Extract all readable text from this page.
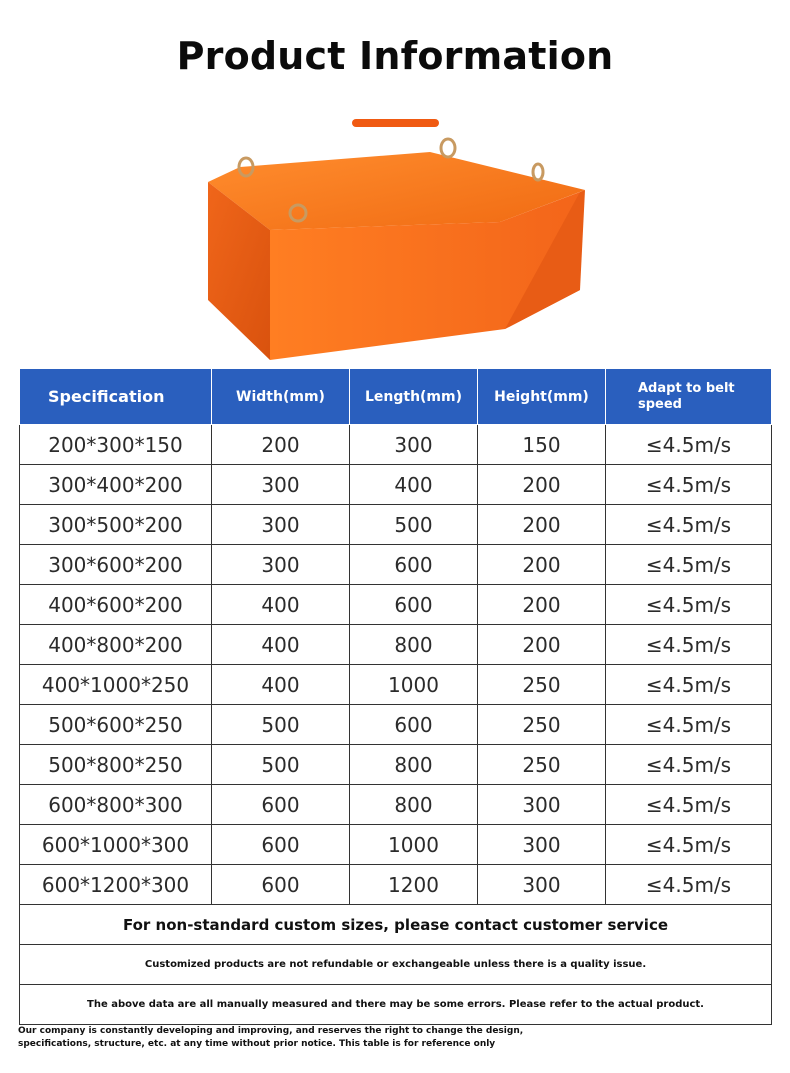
Product Information
Specification	Width(mm)	Length(mm)	Height(mm)	Adapt to belt speed
200*300*150	200	300	150	≤4.5m/s
300*400*200	300	400	200	≤4.5m/s
300*500*200	300	500	200	≤4.5m/s
300*600*200	300	600	200	≤4.5m/s
400*600*200	400	600	200	≤4.5m/s
400*800*200	400	800	200	≤4.5m/s
400*1000*250	400	1000	250	≤4.5m/s
500*600*250	500	600	250	≤4.5m/s
500*800*250	500	800	250	≤4.5m/s
600*800*300	600	800	300	≤4.5m/s
600*1000*300	600	1000	300	≤4.5m/s
600*1200*300	600	1200	300	≤4.5m/s
For non-standard custom sizes, please contact customer service				
Customized products are not refundable or exchangeable unless there is a quality issue.				
The above data are all manually measured and there may be some errors. Please refer to the actual product.				
Our company is constantly developing and improving, and reserves the right to change the design, specifications, structure, etc. at any time without prior notice. This table is for reference only
